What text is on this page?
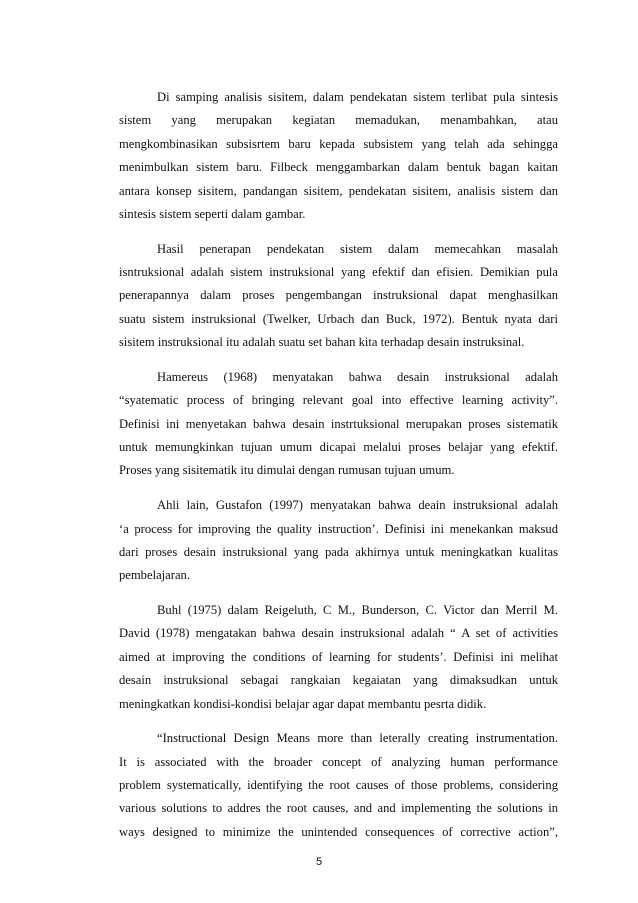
Di samping analisis sisitem, dalam pendekatan sistem terlibat pula sintesis

sistem yang merupakan kegiatan memadukan, menambahkan, atau

mengkombinasikan subsisrtem baru kepada subsistem yang telah ada sehingga

menimbulkan sistem baru. Filbeck menggambarkan dalam bentuk bagan kaitan

antara konsep sisitem, pandangan sisitem, pendekatan sisitem, analisis sistem dan

sintesis sistem seperti dalam gambar.

Hasil penerapan pendekatan sistem dalam memecahkan masalah

isntruksional adalah sistem instruksional yang efektif dan efisien. Demikian pula

penerapannya dalam proses pengembangan instruksional dapat menghasilkan

suatu sistem instruksional (Twelker, Urbach dan Buck, 1972). Bentuk nyata dari

sisitem instruksional itu adalah suatu set bahan kita terhadap desain instruksinal.

Hamereus (1968) menyatakan bahwa desain instruksional adalah

“syatematic process of bringing relevant goal into effective learning activity”.

Definisi ini menyetakan bahwa desain instrtuksional merupakan proses sistematik

untuk memungkinkan tujuan umum dicapai melalui proses belajar yang efektif.

Proses yang sisitematik itu dimulai dengan rumusan tujuan umum.

Ahli lain, Gustafon (1997) menyatakan bahwa deain instruksional adalah

‘a process for improving the quality instruction’. Definisi ini menekankan maksud

dari proses desain instruksional yang pada akhirnya untuk meningkatkan kualitas

pembelajaran.

Buhl (1975) dalam Reigeluth, C M., Bunderson, C. Victor dan Merril M.

David (1978) mengatakan bahwa desain instruksional adalah “ A set of activities

aimed at improving the conditions of learning for students’. Definisi ini melihat

desain instruksional sebagai rangkaian kegaiatan yang dimaksudkan untuk

meningkatkan kondisi-kondisi belajar agar dapat membantu pesrta didik.

“Instructional Design Means more than leterally creating instrumentation.

It is associated with the broader concept of analyzing human performance

problem systematically, identifying the root causes of those problems, considering

various solutions to addres the root causes, and and implementing the solutions in

ways designed to minimize the unintended consequences of corrective action”,

5
